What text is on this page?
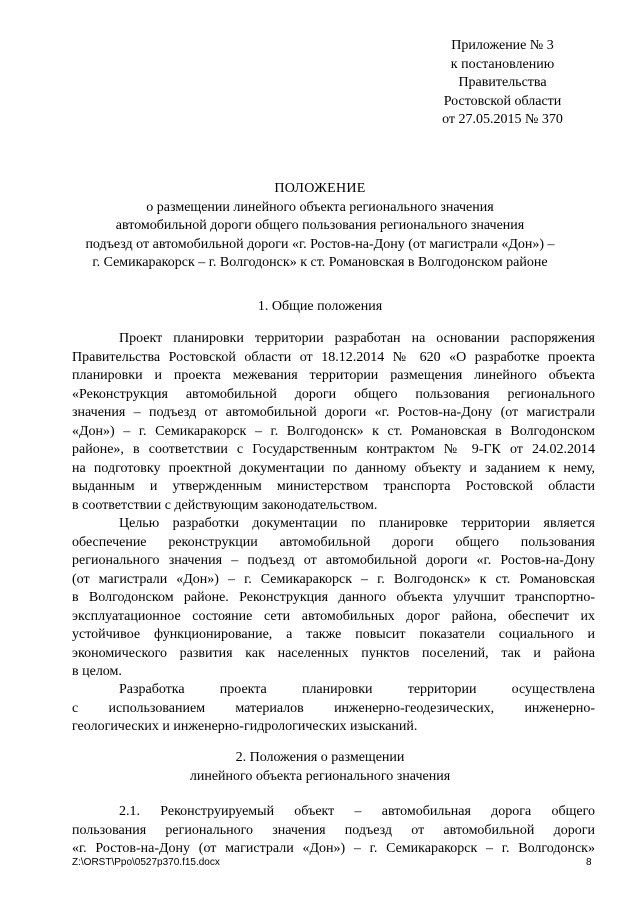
Приложение № 3
к постановлению
Правительства
Ростовской области
от 27.05.2015 № 370
ПОЛОЖЕНИЕ
о размещении линейного объекта регионального значения
автомобильной дороги общего пользования регионального значения
подъезд от автомобильной дороги «г. Ростов-на-Дону (от магистрали «Дон») –
г. Семикаракорск – г. Волгодонск» к ст. Романовская в Волгодонском районе
1. Общие положения
Проект планировки территории разработан на основании распоряжения
Правительства Ростовской области от 18.12.2014 № 620 «О разработке проекта
планировки и проекта межевания территории размещения линейного объекта
«Реконструкция автомобильной дороги общего пользования регионального
значения – подъезд от автомобильной дороги «г. Ростов-на-Дону (от магистрали
«Дон») – г. Семикаракорск – г. Волгодонск» к ст. Романовская в Волгодонском
районе», в соответствии с Государственным контрактом № 9-ГК от 24.02.2014
на подготовку проектной документации по данному объекту и заданием к нему,
выданным и утвержденным министерством транспорта Ростовской области
в соответствии с действующим законодательством.
Целью разработки документации по планировке территории является
обеспечение реконструкции автомобильной дороги общего пользования
регионального значения – подъезд от автомобильной дороги «г. Ростов-на-Дону
(от магистрали «Дон») – г. Семикаракорск – г. Волгодонск» к ст. Романовская
в Волгодонском районе. Реконструкция данного объекта улучшит транспортно-
эксплуатационное состояние сети автомобильных дорог района, обеспечит их
устойчивое функционирование, а также повысит показатели социального и
экономического развития как населенных пунктов поселений, так и района
в целом.
Разработка проекта планировки территории осуществлена
с использованием материалов инженерно-геодезических, инженерно-
геологических и инженерно-гидрологических изысканий.
2. Положения о размещении
линейного объекта регионального значения
2.1. Реконструируемый объект – автомобильная дорога общего
пользования регионального значения подъезд от автомобильной дороги
«г. Ростов-на-Дону (от магистрали «Дон») – г. Семикаракорск – г. Волгодонск»
Z:\ORST\Ppo\0527p370.f15.docx	8
